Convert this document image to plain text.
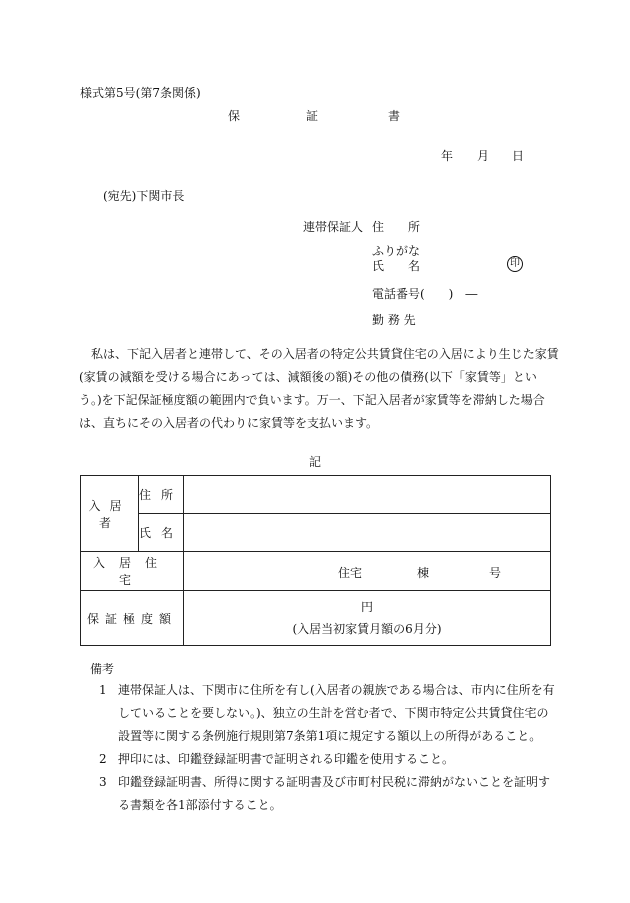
様式第5号(第7条関係)
保	証	書
年 月 日
(宛先)下関市長
連帯保証人 住　　所
ふりがな
氏　　名	印
電話番号(　　)　―
勤 務 先

　私は、下記入居者と連帯して、その入居者の特定公共賃貸住宅の入居により生じた家賃

(家賃の減額を受ける場合にあっては、減額後の額)その他の債務(以下「家賃等」とい

う。)を下記保証極度額の範囲内で負います。万一、下記入居者が家賃等を滞納した場合

は、直ちにその入居者の代わりに家賃等を支払います。

記
入居者	住所	
	氏名	
入居住宅		住宅 棟 号

保証極度額		円
(入居当初家賃月額の6月分)
備考
1 連帯保証人は、下関市に住所を有し(入居者の親族である場合は、市内に住所を有
していることを要しない。)、独立の生計を営む者で、下関市特定公共賃貸住宅の
設置等に関する条例施行規則第7条第1項に規定する額以上の所得があること。
2 押印には、印鑑登録証明書で証明される印鑑を使用すること。
3 印鑑登録証明書、所得に関する証明書及び市町村民税に滞納がないことを証明す
る書類を各1部添付すること。
